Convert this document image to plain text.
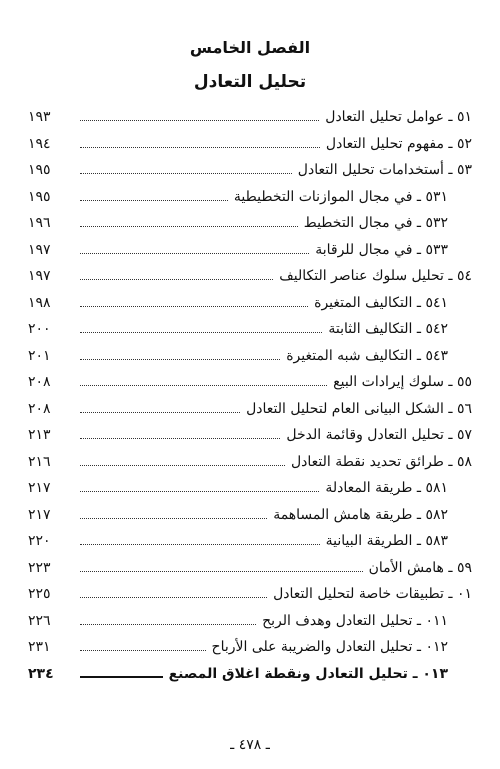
الفصل الخامس
تحليل التعادل
٥١ ـ عوامل تحليل التعادل
١٩٣
٥٢ ـ مفهوم تحليل التعادل
١٩٤
٥٣ ـ أستخدامات تحليل التعادل
١٩٥
٥٣١ ـ في مجال الموازنات التخطيطية
١٩٥
٥٣٢ ـ في مجال التخطيط
١٩٦
٥٣٣ ـ في مجال للرقابة
١٩٧
٥٤ ـ تحليل سلوك عناصر التكاليف
١٩٧
٥٤١ ـ التكاليف المتغيرة
١٩٨
٥٤٢ ـ التكاليف الثابتة
٢٠٠
٥٤٣ ـ التكاليف شبه المتغيرة
٢٠١
٥٥ ـ سلوك إيرادات البيع
٢٠٨
٥٦ ـ الشكل البيانى العام لتحليل التعادل
٢٠٨
٥٧ ـ تحليل التعادل وقائمة الدخل
٢١٣
٥٨ ـ طرائق تحديد نقطة التعادل
٢١٦
٥٨١ ـ طريقة المعادلة
٢١٧
٥٨٢ ـ طريقة هامش المساهمة
٢١٧
٥٨٣ ـ الطريقة البيانية
٢٢٠
٥٩ ـ هامش الأمان
٢٢٣
٠١ ـ تطبيقات خاصة لتحليل التعادل
٢٢٥
٠١١ ـ تحليل التعادل وهدف الربح
٢٢٦
٠١٢ ـ تحليل التعادل والضريبة على الأرباح
٢٣١
٠١٣ ـ تحليل التعادل ونقطة اغلاق المصنع
٢٣٤
ـ ٤٧٨ ـ
